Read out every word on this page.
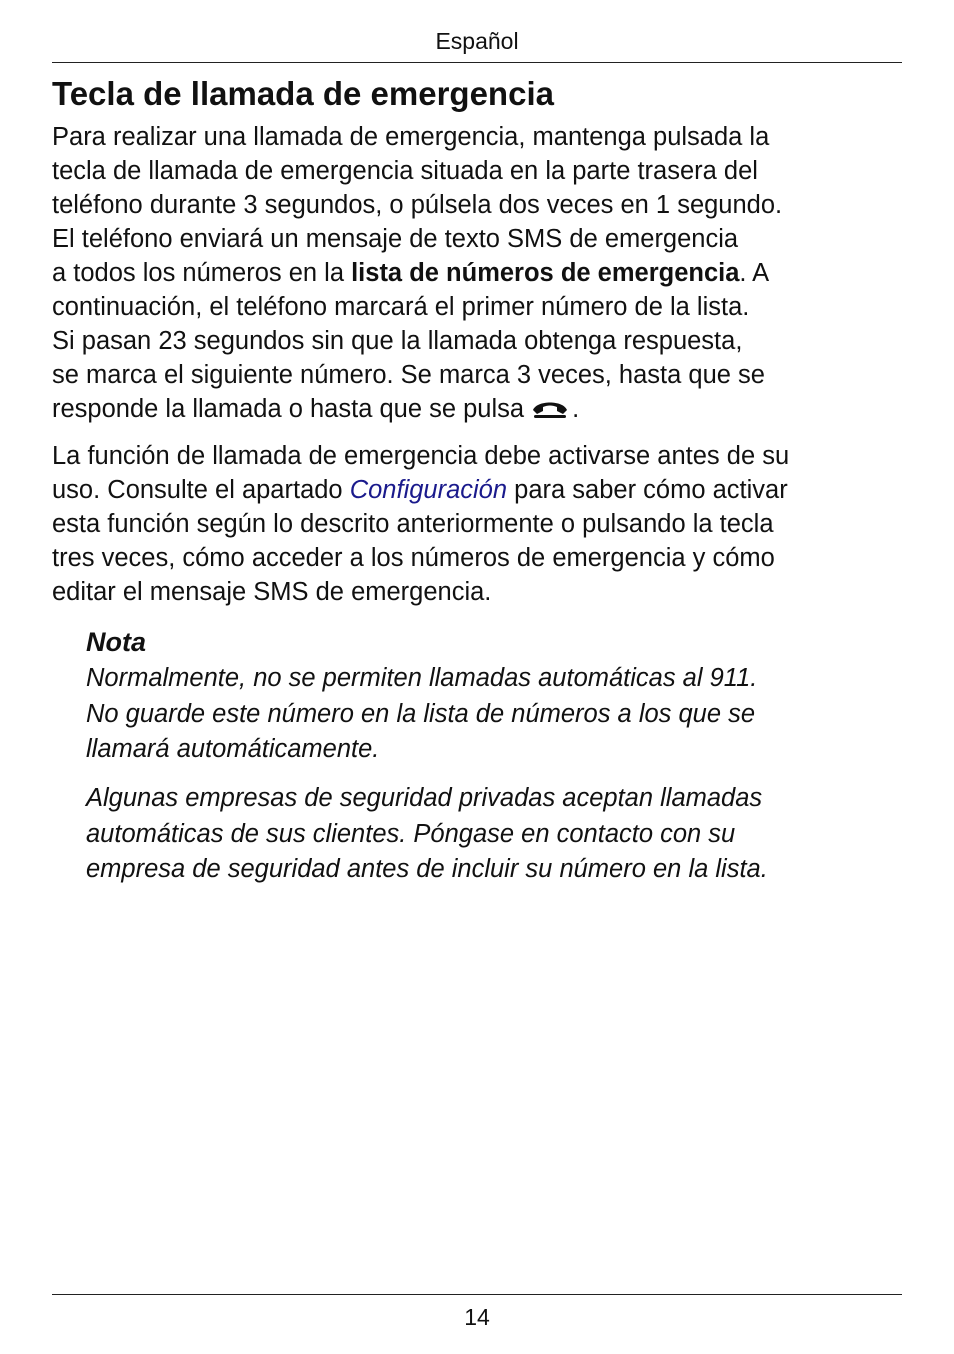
Español
Tecla de llamada de emergencia

Para realizar una llamada de emergencia, mantenga pulsada la
tecla de llamada de emergencia situada en la parte trasera del
teléfono durante 3 segundos, o púlsela dos veces en 1 segundo.
El teléfono enviará un mensaje de texto SMS de emergencia
a todos los números en la lista de números de emergencia. A
continuación, el teléfono marcará el primer número de la lista.
Si pasan 23 segundos sin que la llamada obtenga respuesta,
se marca el siguiente número. Se marca 3 veces, hasta que se
responde la llamada o hasta que se pulsa .

La función de llamada de emergencia debe activarse antes de su
uso. Consulte el apartado Configuración para saber cómo activar
esta función según lo descrito anteriormente o pulsando la tecla
tres veces, cómo acceder a los números de emergencia y cómo
editar el mensaje SMS de emergencia.

Nota

Normalmente, no se permiten llamadas automáticas al 911.
No guarde este número en la lista de números a los que se
llamará automáticamente.

Algunas empresas de seguridad privadas aceptan llamadas
automáticas de sus clientes. Póngase en contacto con su
empresa de seguridad antes de incluir su número en la lista.

14
